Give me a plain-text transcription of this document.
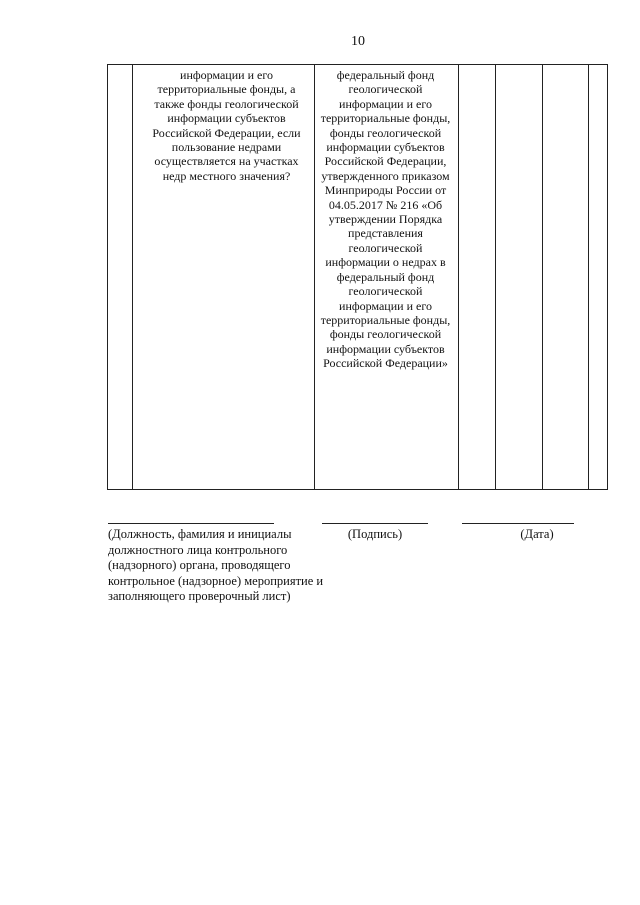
10
	информации и его территориальные фонды, а также фонды геологической информации субъектов Российской Федерации, если пользование недрами осуществляется на участках недр местного значения?	федеральный фонд геологической информации и его территориальные фонды, фонды геологической информации субъектов Российской Федерации, утвержденного приказом Минприроды России от 04.05.2017 № 216 «Об утверждении Порядка представления геологической информации о недрах в федеральный фонд геологической информации и его территориальные фонды, фонды геологической информации субъектов Российской Федерации»				
(Должность, фамилия и инициалы должностного лица контрольного (надзорного) органа, проводящего контрольное (надзорное) мероприятие и заполняющего проверочный лист)
(Подпись)	(Дата)
